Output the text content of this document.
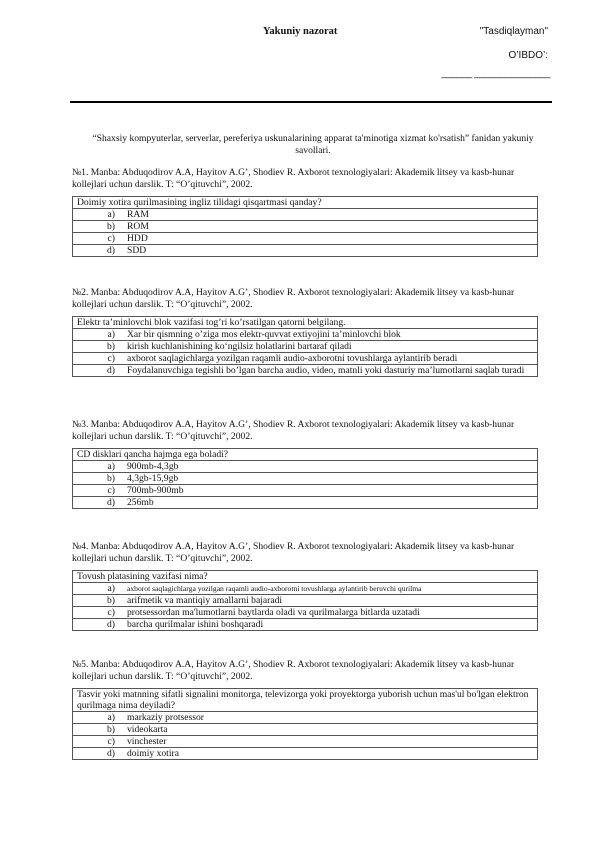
Yakuniy nazorat	"Tasdiqlayman"
O’IBDO’:
______ _______________
“Shaxsiy kompyuterlar, serverlar, pereferiya uskunalarining apparat ta'minotiga xizmat ko'rsatish” fanidan yakuniy savollari.
№1. Manba: Abduqodirov A.A, Hayitov A.G’, Shodiev R. Axborot texnologiyalari: Akademik litsey va kasb-hunar kollejlari uchun darslik. T: “O’qituvchi”, 2002.
Doimiy xotira qurilmasining ingliz tilidagi qisqartmasi qanday?

a) RAM

b) ROM

c) HDD

d) SDD
№2. Manba: Abduqodirov A.A, Hayitov A.G’, Shodiev R. Axborot texnologiyalari: Akademik litsey va kasb-hunar kollejlari uchun darslik. T: “O’qituvchi”, 2002.
Elektr ta’minlovchi blok vazifasi tog’ri ko’rsatilgan qatorni belgilang.

a) Xar bir qismning o’ziga mos elektr-quvvat extiyojini ta’minlovchi blok

b) kirish kuchlanishining ko‘ngilsiz holatlarini bartaraf qiladi

c) axborot saqlagichlarga yozilgan raqamli audio-axborotni tovushlarga aylantirib beradi

d) Foydalanuvchiga tegishli bo’lgan barcha audio, video, matnli yoki dasturiy ma’lumotlarni saqlab turadi
№3. Manba: Abduqodirov A.A, Hayitov A.G’, Shodiev R. Axborot texnologiyalari: Akademik litsey va kasb-hunar kollejlari uchun darslik. T: “O’qituvchi”, 2002.
CD disklari qancha hajmga ega boladi?

a) 900mb-4,3gb

b) 4,3gb-15,9gb

c) 700mb-900mb

d) 256mb
№4. Manba: Abduqodirov A.A, Hayitov A.G’, Shodiev R. Axborot texnologiyalari: Akademik litsey va kasb-hunar kollejlari uchun darslik. T: “O’qituvchi”, 2002.
Tovush platasining vazifasi nima?

a) axborot saqlagichlarga yozilgan raqamli audio-axborotni tovushlarga aylantirib beruvchi qurilma

b) arifmetik va mantiqiy amallarni bajaradi

c) protsessordan ma'lumotlarni baytlarda oladi va qurilmalarga bitlarda uzatadi

d) barcha qurilmalar ishini boshqaradi
№5. Manba: Abduqodirov A.A, Hayitov A.G’, Shodiev R. Axborot texnologiyalari: Akademik litsey va kasb-hunar kollejlari uchun darslik. T: “O’qituvchi”, 2002.
Tasvir yoki matnning sifatli signalini monitorga, televizorga yoki proyektorga yuborish uchun mas'ul bo'lgan elektron qurilmaga nima deyiladi?

a) markaziy protsessor

b) videokarta

c) vinchester

d) doimiy xotira
